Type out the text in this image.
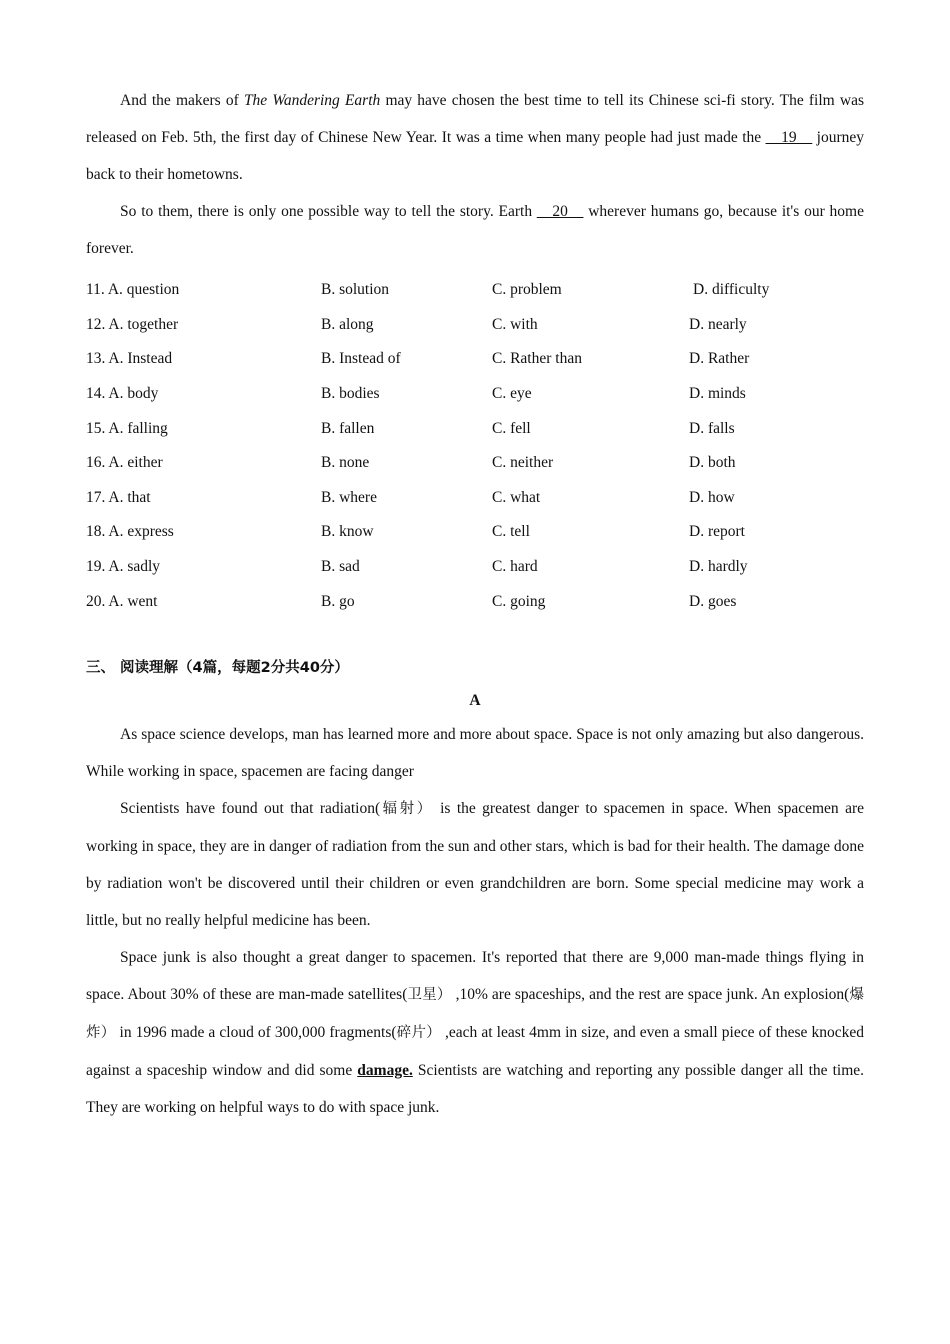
And the makers of The Wandering Earth may have chosen the best time to tell its Chinese sci-fi story. The film was released on Feb. 5th, the first day of Chinese New Year. It was a time when many people had just made the __19__ journey back to their hometowns.

So to them, there is only one possible way to tell the story. Earth __20__ wherever humans go, because it's our home forever.

11. A. question	B. solution	C. problem	D. difficulty
12. A. together	B. along	C. with	D. nearly
13. A. Instead	B. Instead of	C. Rather than	D. Rather
14. A. body	B. bodies	C. eye	D. minds
15. A. falling	B. fallen	C. fell	D. falls
16. A. either	B. none	C. neither	D. both
17. A. that	B. where	C. what	D. how
18. A. express	B. know	C. tell	D. report
19. A. sadly	B. sad	C. hard	D. hardly
20. A. went	B. go	C. going	D. goes
三、 阅读理解（4篇，每题2分共40分）
A

As space science develops, man has learned more and more about space. Space is not only amazing but also dangerous. While working in space, spacemen are facing danger

Scientists have found out that radiation(辐射） is the greatest danger to spacemen in space. When spacemen are working in space, they are in danger of radiation from the sun and other stars, which is bad for their health. The damage done by radiation won't be discovered until their children or even grandchildren are born. Some special medicine may work a little, but no really helpful medicine has been.

Space junk is also thought a great danger to spacemen. It's reported that there are 9,000 man-made things flying in space. About 30% of these are man-made satellites(卫星） ,10% are spaceships, and the rest are space junk. An explosion(爆炸） in 1996 made a cloud of 300,000 fragments(碎片） ,each at least 4mm in size, and even a small piece of these knocked against a spaceship window and did some damage. Scientists are watching and reporting any possible danger all the time. They are working on helpful ways to do with space junk.
